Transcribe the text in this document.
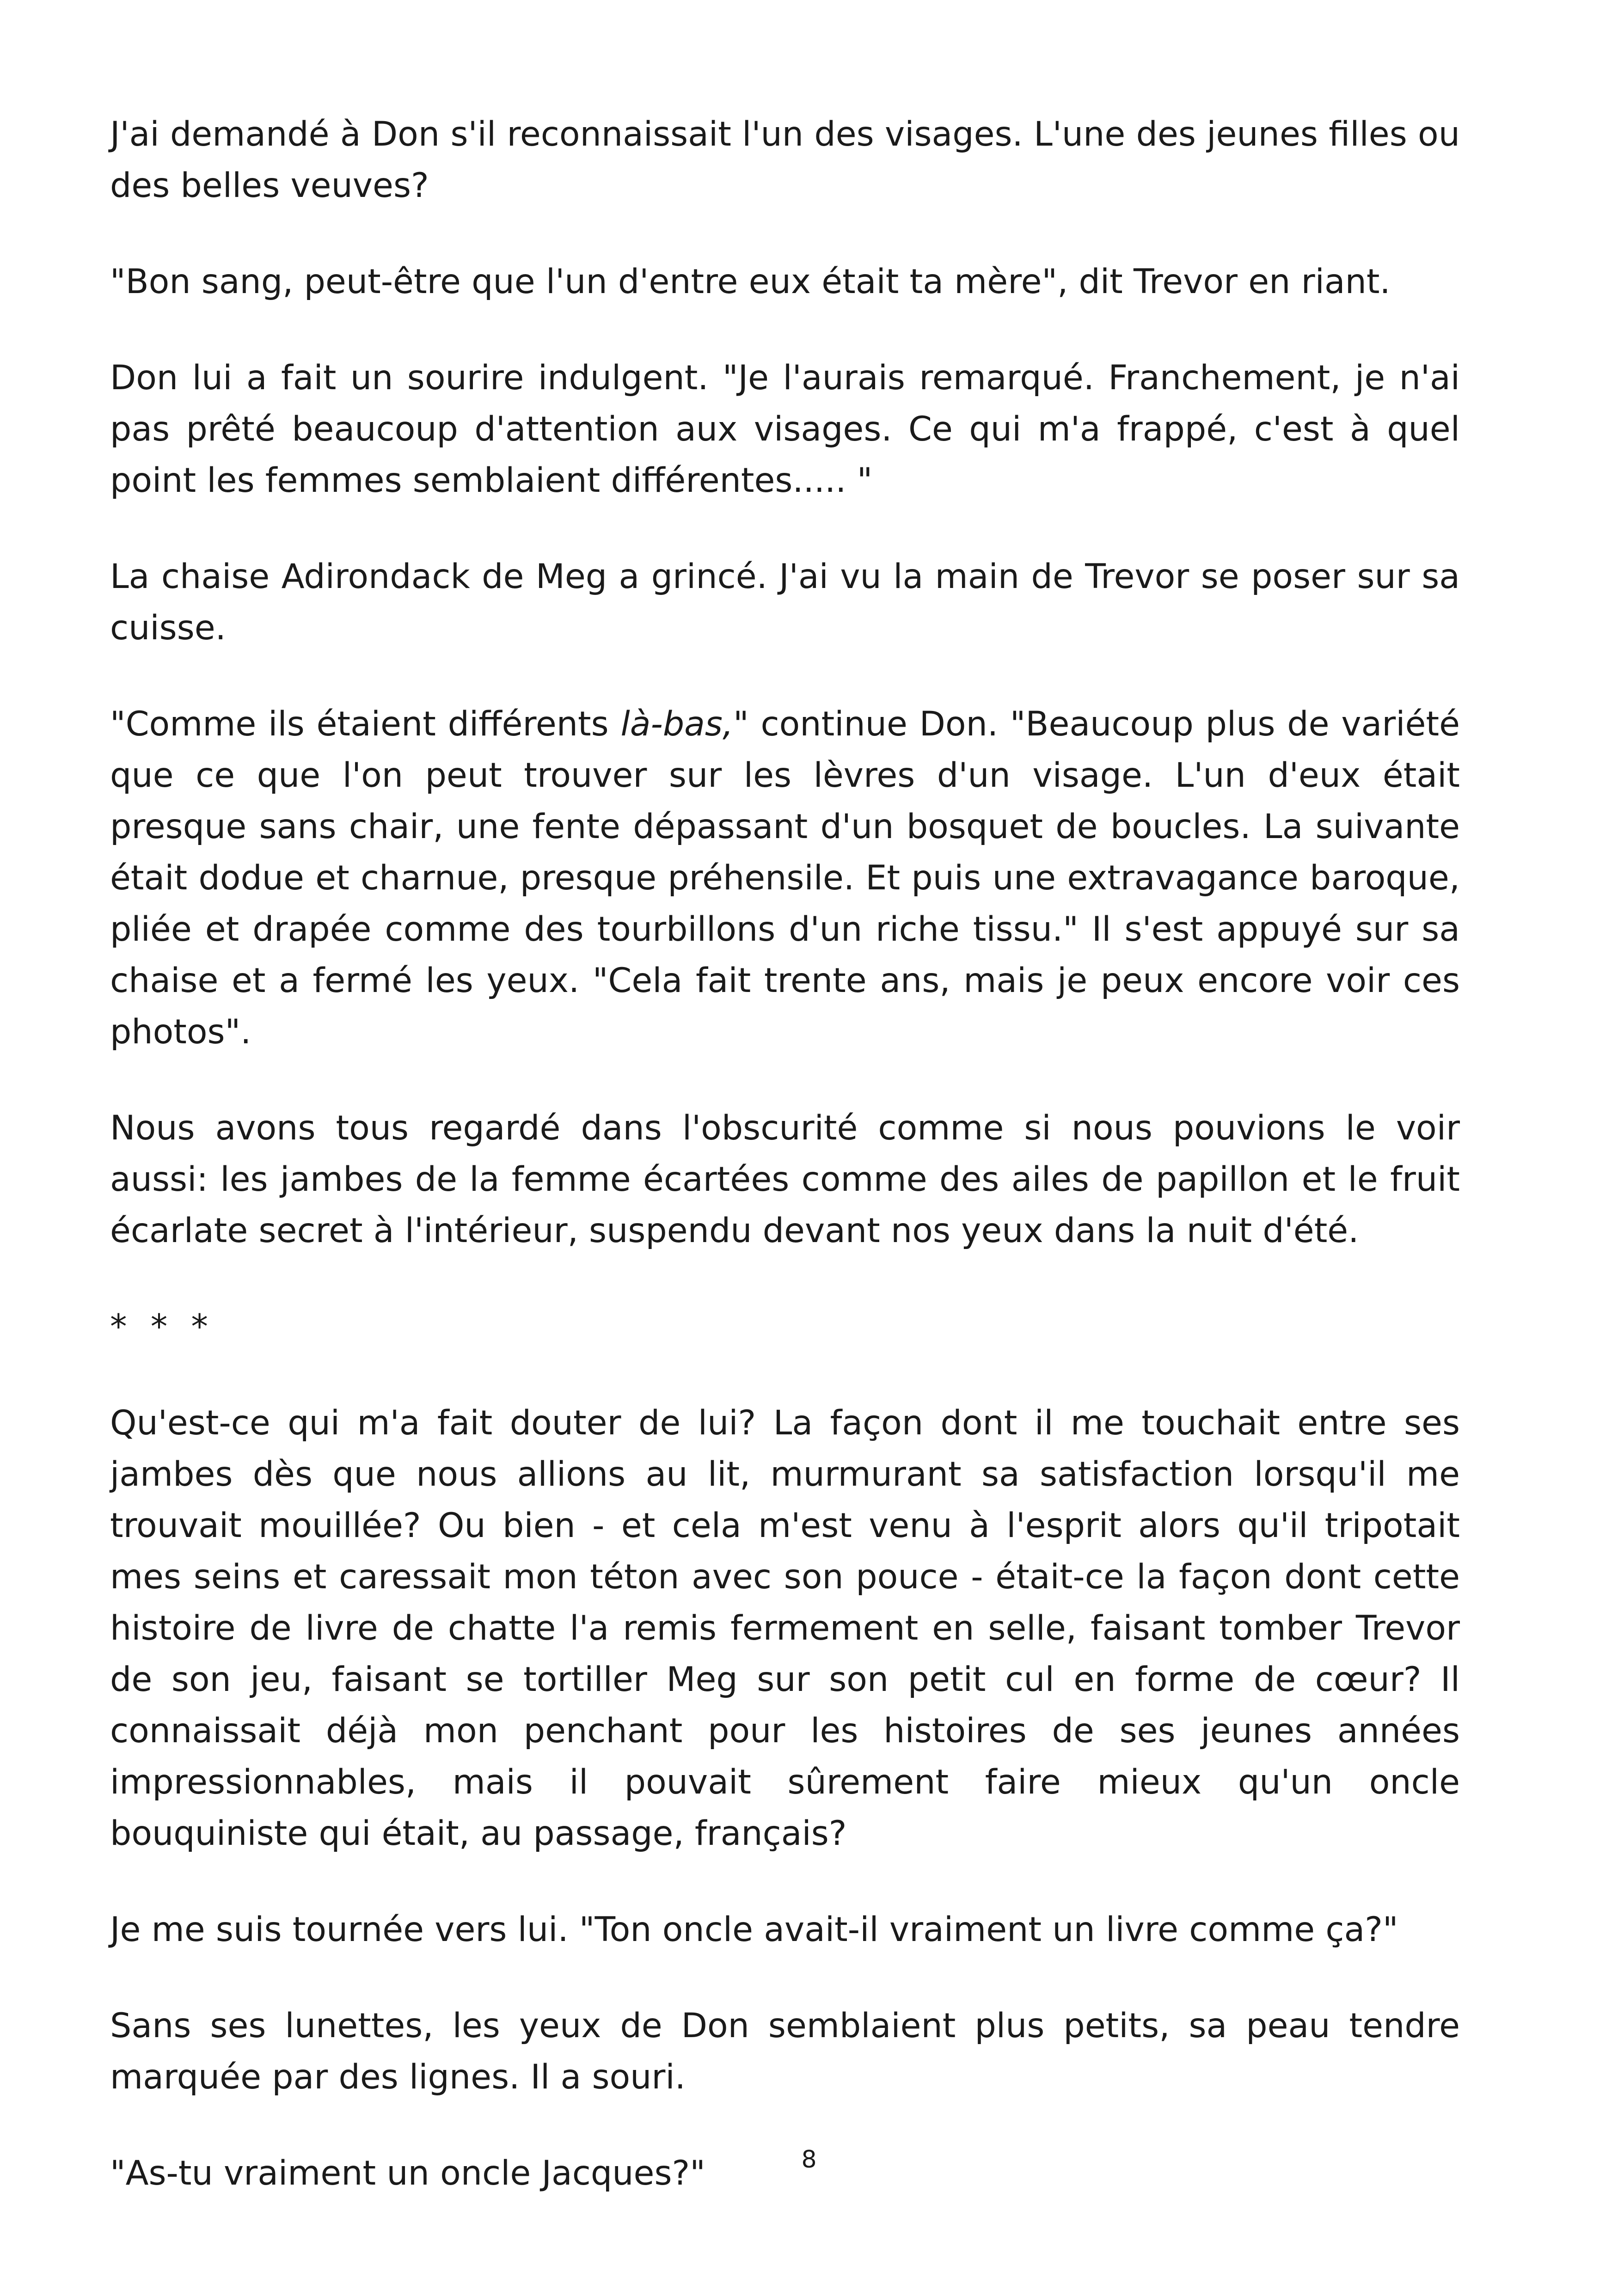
J'ai demandé à Don s'il reconnaissait l'un des visages. L'une des jeunes filles ou des belles veuves?

"Bon sang, peut-être que l'un d'entre eux était ta mère", dit Trevor en riant.

Don lui a fait un sourire indulgent. "Je l'aurais remarqué. Franchement, je n'ai pas prêté beaucoup d'attention aux visages. Ce qui m'a frappé, c'est à quel point les femmes semblaient différentes..... "

La chaise Adirondack de Meg a grincé. J'ai vu la main de Trevor se poser sur sa cuisse.

"Comme ils étaient différents là-bas," continue Don. "Beaucoup plus de variété que ce que l'on peut trouver sur les lèvres d'un visage. L'un d'eux était presque sans chair, une fente dépassant d'un bosquet de boucles. La suivante était dodue et charnue, presque préhensile. Et puis une extravagance baroque, pliée et drapée comme des tourbillons d'un riche tissu." Il s'est appuyé sur sa chaise et a fermé les yeux. "Cela fait trente ans, mais je peux encore voir ces photos".

Nous avons tous regardé dans l'obscurité comme si nous pouvions le voir aussi: les jambes de la femme écartées comme des ailes de papillon et le fruit écarlate secret à l'intérieur, suspendu devant nos yeux dans la nuit d'été.

* * *

Qu'est-ce qui m'a fait douter de lui? La façon dont il me touchait entre ses jambes dès que nous allions au lit, murmurant sa satisfaction lorsqu'il me trouvait mouillée? Ou bien - et cela m'est venu à l'esprit alors qu'il tripotait mes seins et caressait mon téton avec son pouce - était-ce la façon dont cette histoire de livre de chatte l'a remis fermement en selle, faisant tomber Trevor de son jeu, faisant se tortiller Meg sur son petit cul en forme de cœur? Il connaissait déjà mon penchant pour les histoires de ses jeunes années impressionnables, mais il pouvait sûrement faire mieux qu'un oncle bouquiniste qui était, au passage, français?

Je me suis tournée vers lui. "Ton oncle avait-il vraiment un livre comme ça?"

Sans ses lunettes, les yeux de Don semblaient plus petits, sa peau tendre marquée par des lignes. Il a souri.

"As-tu vraiment un oncle Jacques?"	8
